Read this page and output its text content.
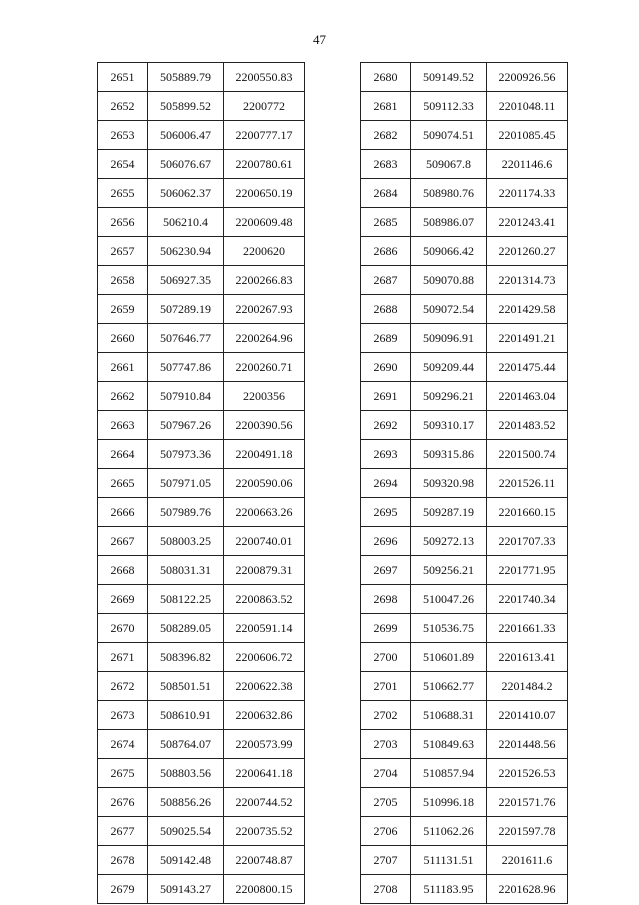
47
2651	505889.79	2200550.83
2652	505899.52	2200772
2653	506006.47	2200777.17
2654	506076.67	2200780.61
2655	506062.37	2200650.19
2656	506210.4	2200609.48
2657	506230.94	2200620
2658	506927.35	2200266.83
2659	507289.19	2200267.93
2660	507646.77	2200264.96
2661	507747.86	2200260.71
2662	507910.84	2200356
2663	507967.26	2200390.56
2664	507973.36	2200491.18
2665	507971.05	2200590.06
2666	507989.76	2200663.26
2667	508003.25	2200740.01
2668	508031.31	2200879.31
2669	508122.25	2200863.52
2670	508289.05	2200591.14
2671	508396.82	2200606.72
2672	508501.51	2200622.38
2673	508610.91	2200632.86
2674	508764.07	2200573.99
2675	508803.56	2200641.18
2676	508856.26	2200744.52
2677	509025.54	2200735.52
2678	509142.48	2200748.87
2679	509143.27	2200800.15
2680	509149.52	2200926.56
2681	509112.33	2201048.11
2682	509074.51	2201085.45
2683	509067.8	2201146.6
2684	508980.76	2201174.33
2685	508986.07	2201243.41
2686	509066.42	2201260.27
2687	509070.88	2201314.73
2688	509072.54	2201429.58
2689	509096.91	2201491.21
2690	509209.44	2201475.44
2691	509296.21	2201463.04
2692	509310.17	2201483.52
2693	509315.86	2201500.74
2694	509320.98	2201526.11
2695	509287.19	2201660.15
2696	509272.13	2201707.33
2697	509256.21	2201771.95
2698	510047.26	2201740.34
2699	510536.75	2201661.33
2700	510601.89	2201613.41
2701	510662.77	2201484.2
2702	510688.31	2201410.07
2703	510849.63	2201448.56
2704	510857.94	2201526.53
2705	510996.18	2201571.76
2706	511062.26	2201597.78
2707	511131.51	2201611.6
2708	511183.95	2201628.96
